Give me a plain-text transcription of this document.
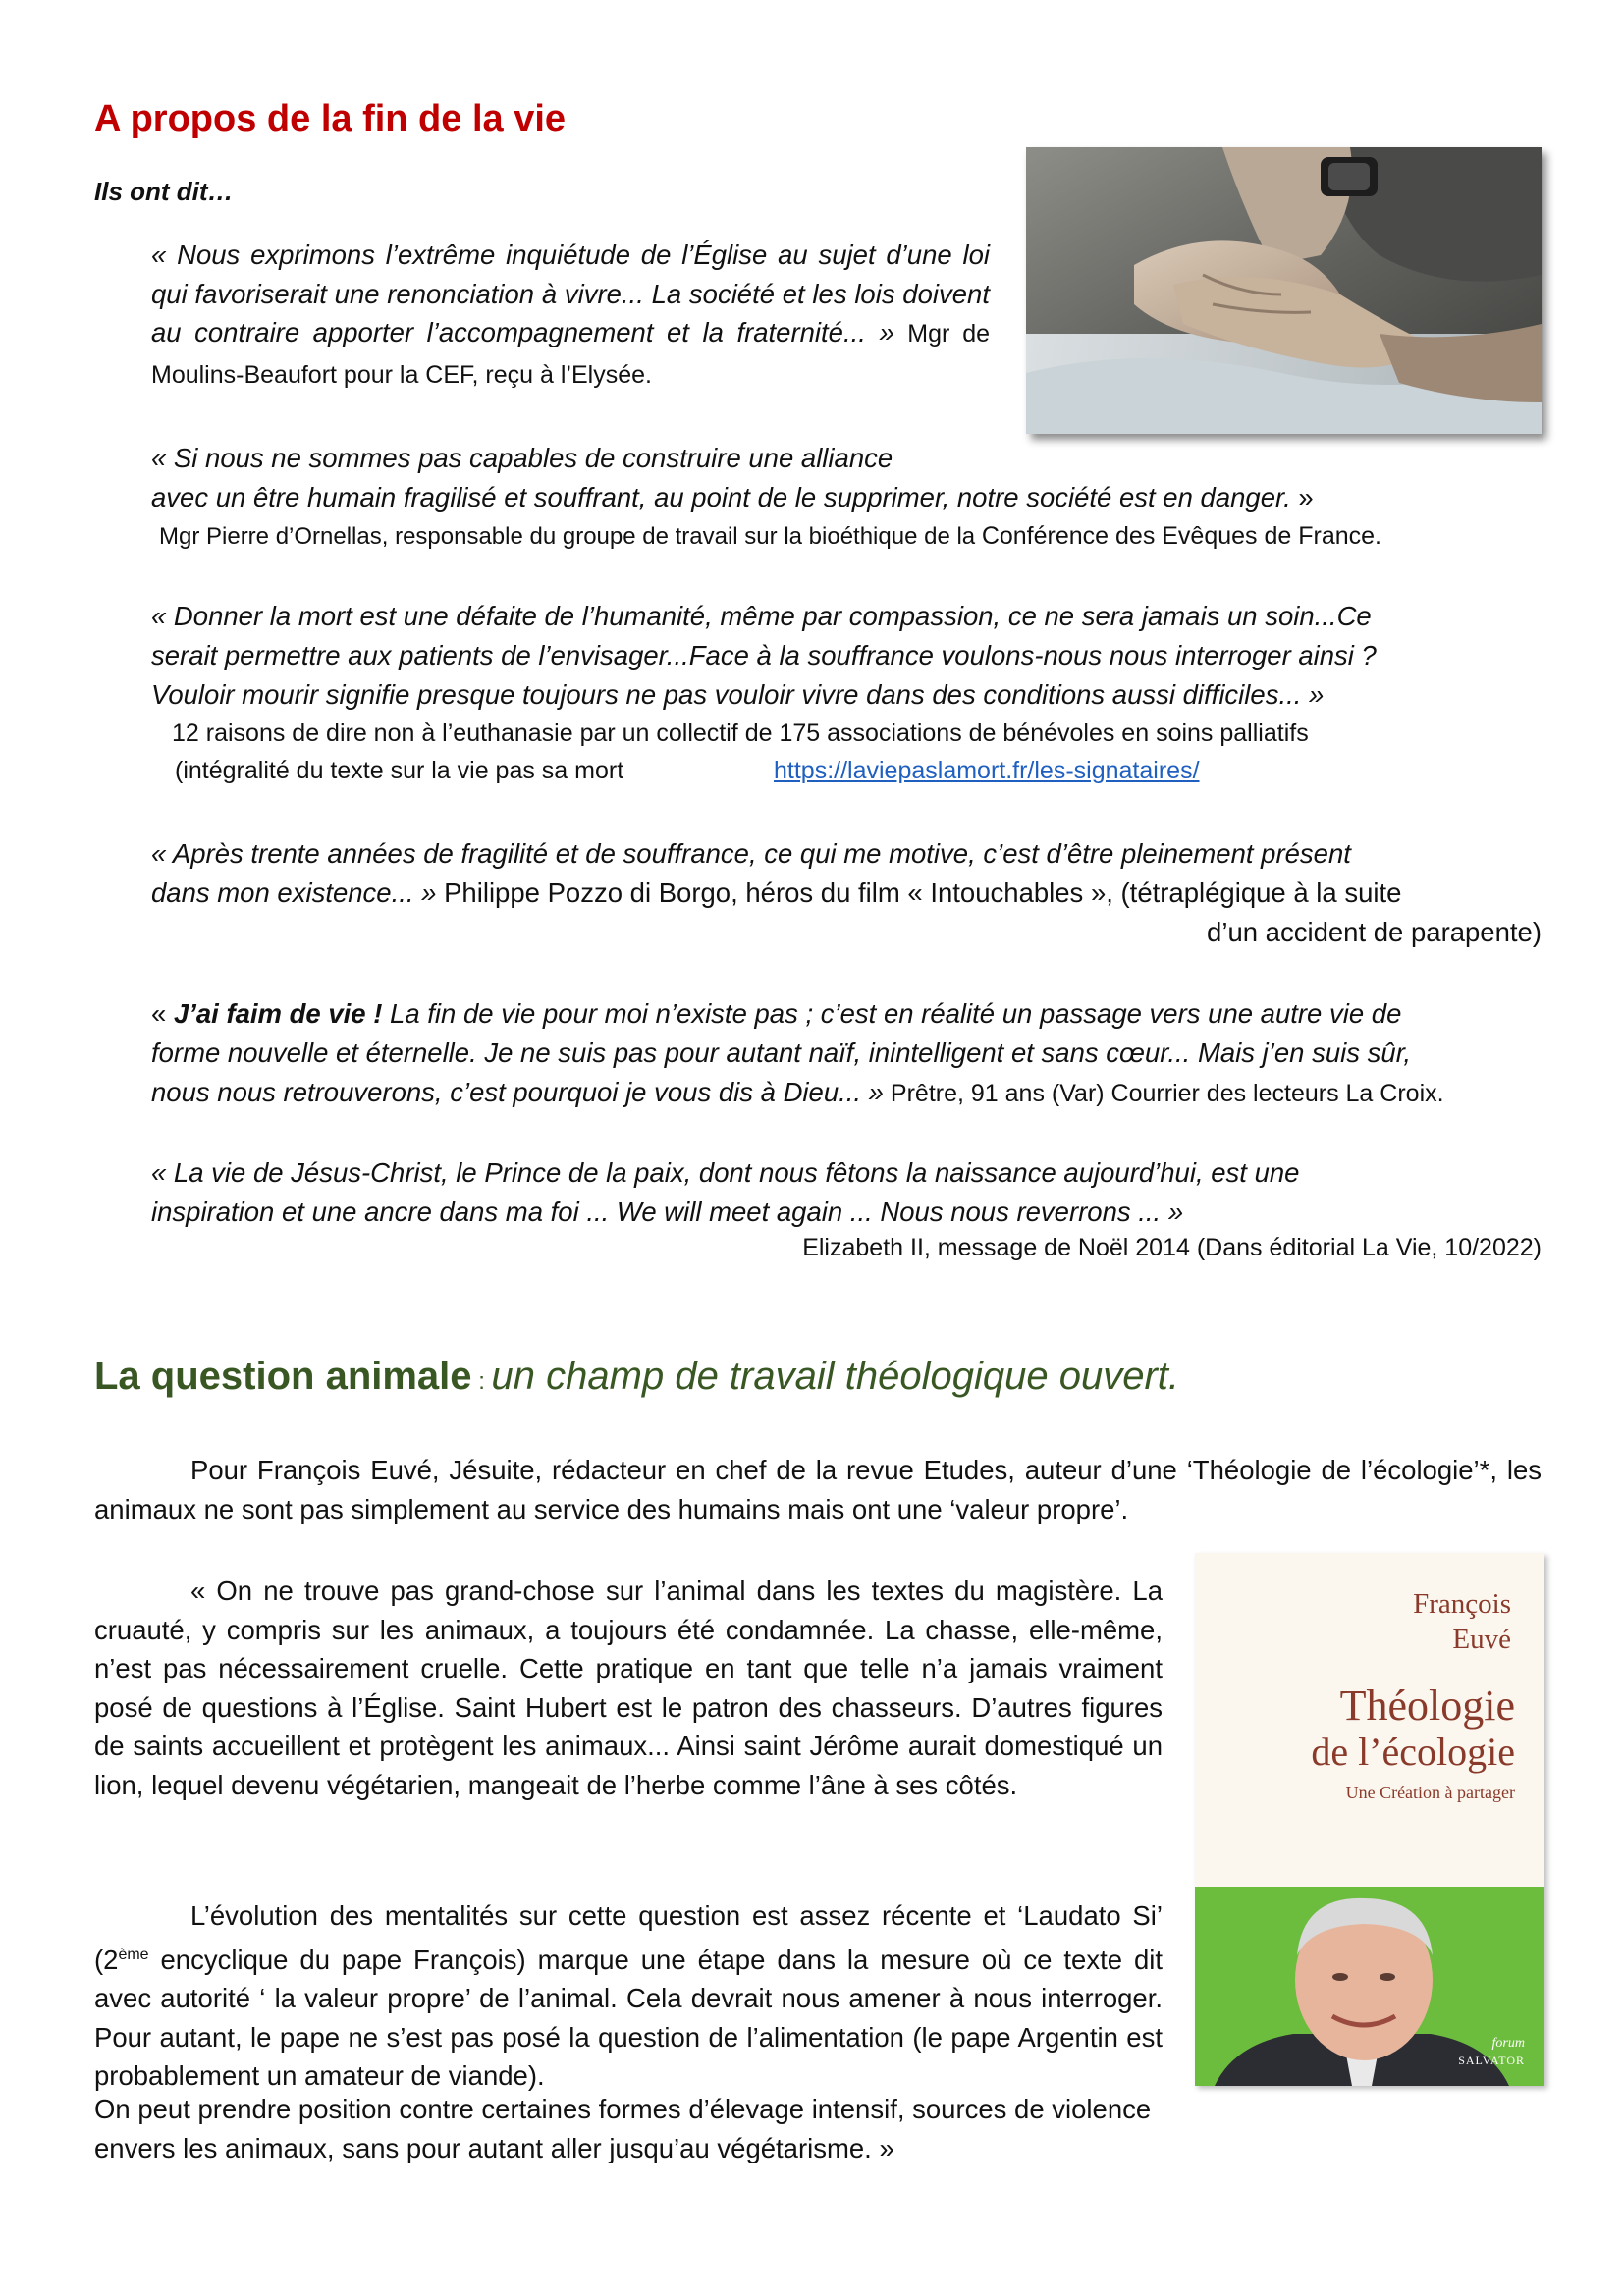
A propos de la fin de la vie
Ils ont dit…
« Nous exprimons l’extrême inquiétude de l’Église au sujet d’une loi qui favoriserait une renonciation à vivre... La société et les lois doivent au contraire apporter l’accompagnement et la fraternité... » Mgr de Moulins-Beaufort pour la CEF, reçu à l’Elysée.
« Si nous ne sommes pas capables de construire une alliance
avec un être humain fragilisé et souffrant, au point de le supprimer, notre société est en danger. »
Mgr Pierre d’Ornellas, responsable du groupe de travail sur la bioéthique de la Conférence des Evêques de France.
« Donner la mort est une défaite de l’humanité, même par compassion, ce ne sera jamais un soin...Ce
serait permettre aux patients de l’envisager...Face à la souffrance voulons-nous nous interroger ainsi ?
Vouloir mourir signifie presque toujours ne pas vouloir vivre dans des conditions aussi difficiles... »
12 raisons de dire non à l’euthanasie par un collectif de 175 associations de bénévoles en soins palliatifs
(intégralité du texte sur la vie pas sa mort	https://laviepaslamort.fr/les-signataires/
« Après trente années de fragilité et de souffrance, ce qui me motive, c’est d’être pleinement présent
dans mon existence... » Philippe Pozzo di Borgo, héros du film « Intouchables », (tétraplégique à la suite
d’un accident de parapente)
« J’ai faim de vie ! La fin de vie pour moi n’existe pas ; c’est en réalité un passage vers une autre vie de
forme nouvelle et éternelle. Je ne suis pas pour autant naïf, inintelligent et sans cœur... Mais j’en suis sûr,
nous nous retrouverons, c’est pourquoi je vous dis à Dieu... » Prêtre, 91 ans (Var) Courrier des lecteurs La Croix.
« La vie de Jésus-Christ, le Prince de la paix, dont nous fêtons la naissance aujourd’hui, est une
inspiration et une ancre dans ma foi ... We will meet again ... Nous nous reverrons ... »
Elizabeth II, message de Noël 2014 (Dans éditorial La Vie, 10/2022)
La question animale : un champ de travail théologique ouvert.
Pour François Euvé, Jésuite, rédacteur en chef de la revue Etudes, auteur d’une ‘Théologie de l’écologie’*, les animaux ne sont pas simplement au service des humains mais ont une ‘valeur propre’.
« On ne trouve pas grand-chose sur l’animal dans les textes du magistère. La cruauté, y compris sur les animaux, a toujours été condamnée. La chasse, elle-même, n’est pas nécessairement cruelle. Cette pratique en tant que telle n’a jamais vraiment posé de questions à l’Église. Saint Hubert est le patron des chasseurs. D’autres figures de saints accueillent et protègent les animaux... Ainsi saint Jérôme aurait domestiqué un lion, lequel devenu végétarien, mangeait de l’herbe comme l’âne à ses côtés.
L’évolution des mentalités sur cette question est assez récente et ‘Laudato Si’ (2ème encyclique du pape François) marque une étape dans la mesure où ce texte dit avec autorité ‘ la valeur propre’ de l’animal. Cela devrait nous amener à nous interroger. Pour autant, le pape ne s’est pas posé la question de l’alimentation (le pape Argentin est probablement un amateur de viande).
On peut prendre position contre certaines formes d’élevage intensif, sources de violence envers les animaux, sans pour autant aller jusqu’au végétarisme. »
François
Euvé
Théologie
de l’écologie
Une Création à partager
forum
SALVATOR
